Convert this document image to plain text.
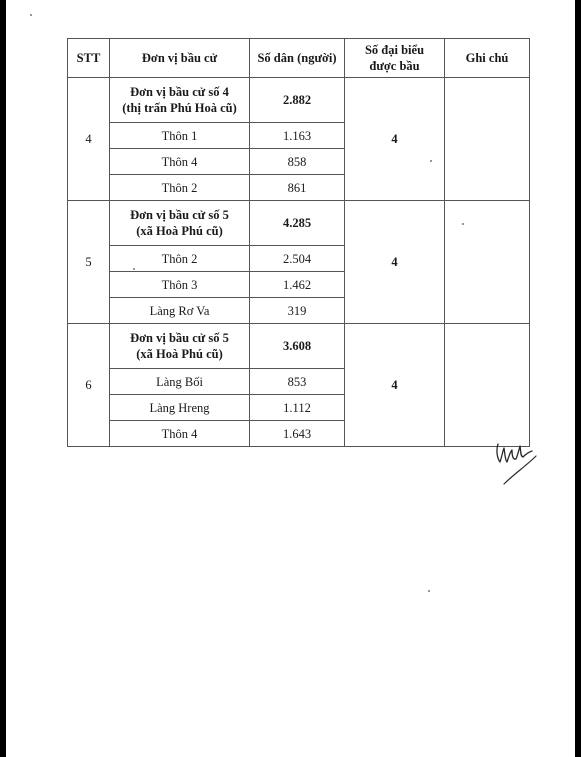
STT	Đơn vị bầu cử	Số dân (người)	Số đại biểu
được bầu	Ghi chú
4	Đơn vị bầu cử số 4
(thị trấn Phú Hoà cũ)	2.882	4	
	Thôn 1	1.163		
	Thôn 4	858		
	Thôn 2	861		
5	Đơn vị bầu cử số 5
(xã Hoà Phú cũ)	4.285	4	
	Thôn 2	2.504		
	Thôn 3	1.462		
	Làng Rơ Va	319		
6	Đơn vị bầu cử số 5
(xã Hoà Phú cũ)	3.608	4	
	Làng Bối	853		
	Làng Hreng	1.112		
	Thôn 4	1.643		
